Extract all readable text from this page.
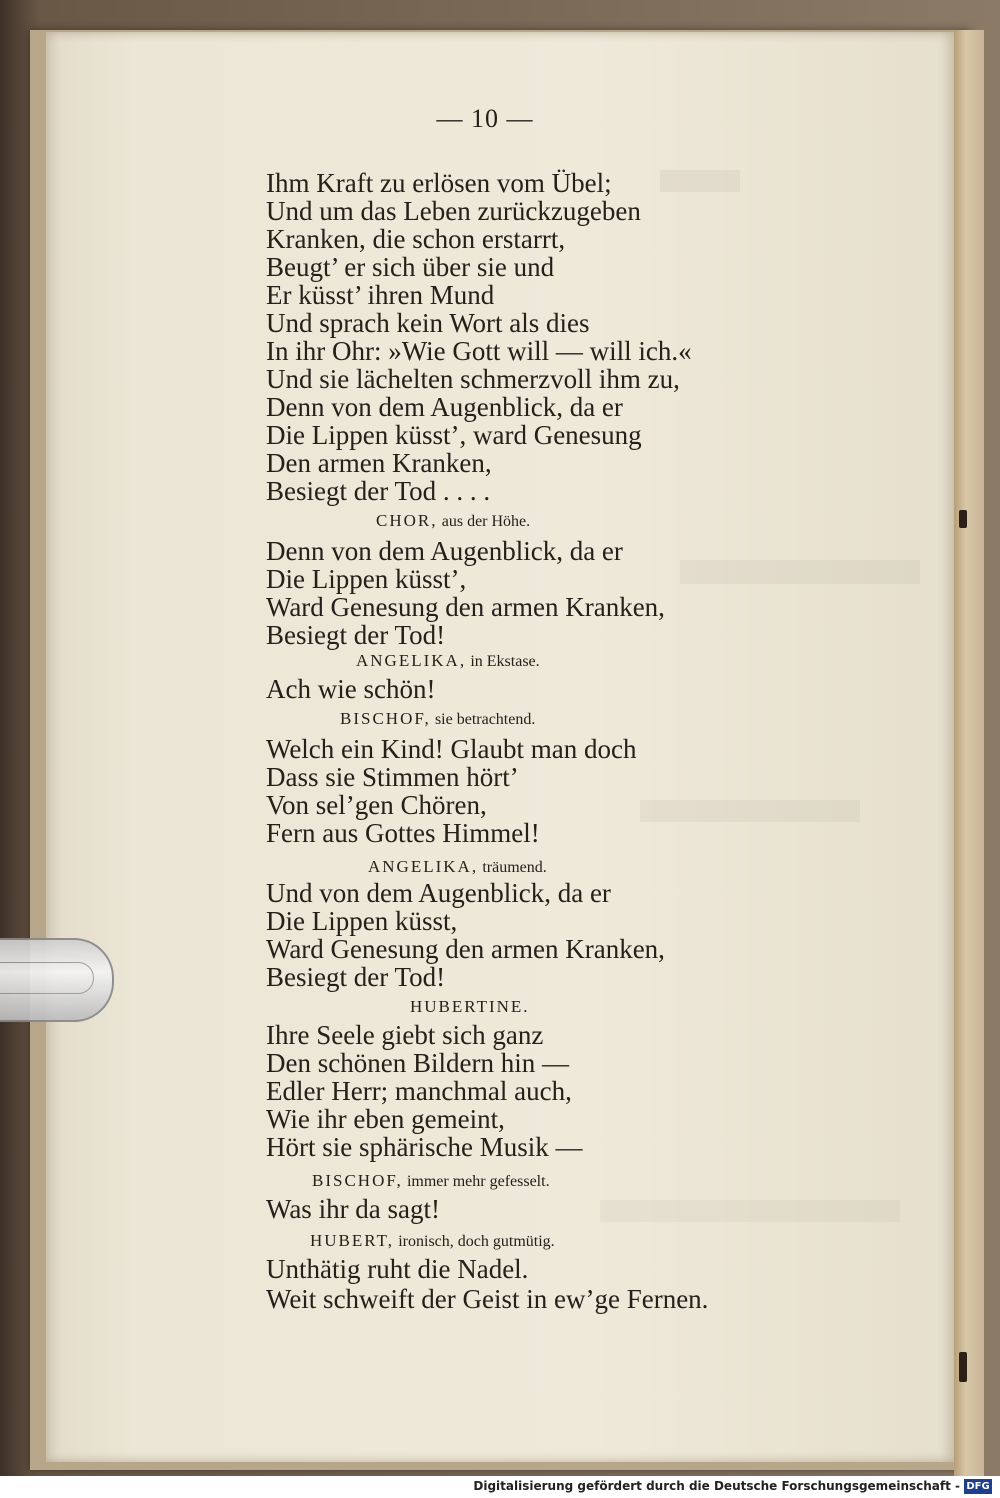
— 10 —
Ihm Kraft zu erlösen vom Übel;
Und um das Leben zurückzugeben
Kranken, die schon erstarrt,
Beugt’ er sich über sie und
Er küsst’ ihren Mund
Und sprach kein Wort als dies
In ihr Ohr: »Wie Gott will — will ich.«
Und sie lächelten schmerzvoll ihm zu,
Denn von dem Augenblick, da er
Die Lippen küsst’, ward Genesung
Den armen Kranken,
Besiegt der Tod . . . .
CHOR, aus der Höhe.
Denn von dem Augenblick, da er
Die Lippen küsst’,
Ward Genesung den armen Kranken,
Besiegt der Tod!
ANGELIKA, in Ekstase.
Ach wie schön!
BISCHOF, sie betrachtend.
Welch ein Kind! Glaubt man doch
Dass sie Stimmen hört’
Von sel’gen Chören,
Fern aus Gottes Himmel!
ANGELIKA, träumend.
Und von dem Augenblick, da er
Die Lippen küsst,
Ward Genesung den armen Kranken,
Besiegt der Tod!
HUBERTINE.
Ihre Seele giebt sich ganz
Den schönen Bildern hin —
Edler Herr; manchmal auch,
Wie ihr eben gemeint,
Hört sie sphärische Musik —
BISCHOF, immer mehr gefesselt.
Was ihr da sagt!
HUBERT, ironisch, doch gutmütig.
Unthätig ruht die Nadel.
Weit schweift der Geist in ew’ge Fernen.
Digitalisierung gefördert durch die Deutsche Forschungsgemeinschaft - DFG
